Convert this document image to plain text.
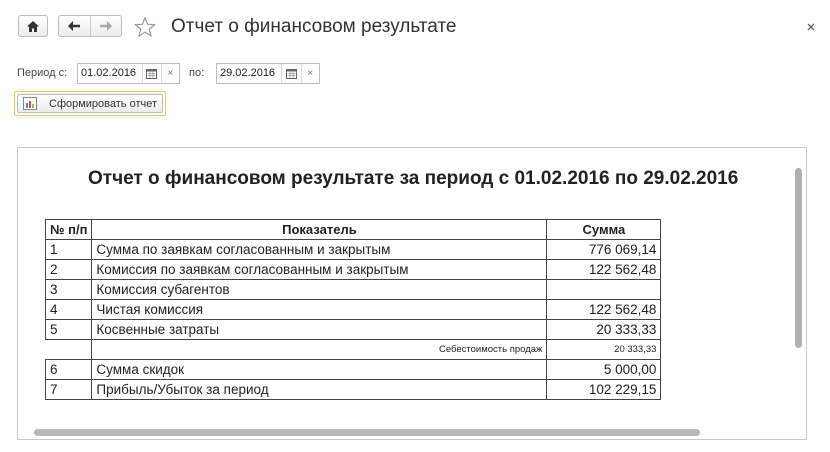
Отчет о финансовом результате
Период с: 01.02.2016	×	по: 29.02.2016	×
Сформировать отчет
Отчет о финансовом результате за период с 01.02.2016 по 29.02.2016
№ п/п	Показатель	Сумма
1	Сумма по заявкам согласованным и закрытым	776 069,14
2	Комиссия по заявкам согласованным и закрытым	122 562,48
3	Комиссия субагентов	
4	Чистая комиссия	122 562,48
5	Косвенные затраты	20 333,33
	Себестоимость продаж	20 333,33
6	Сумма скидок	5 000,00
7	Прибыль/Убыток за период	102 229,15
